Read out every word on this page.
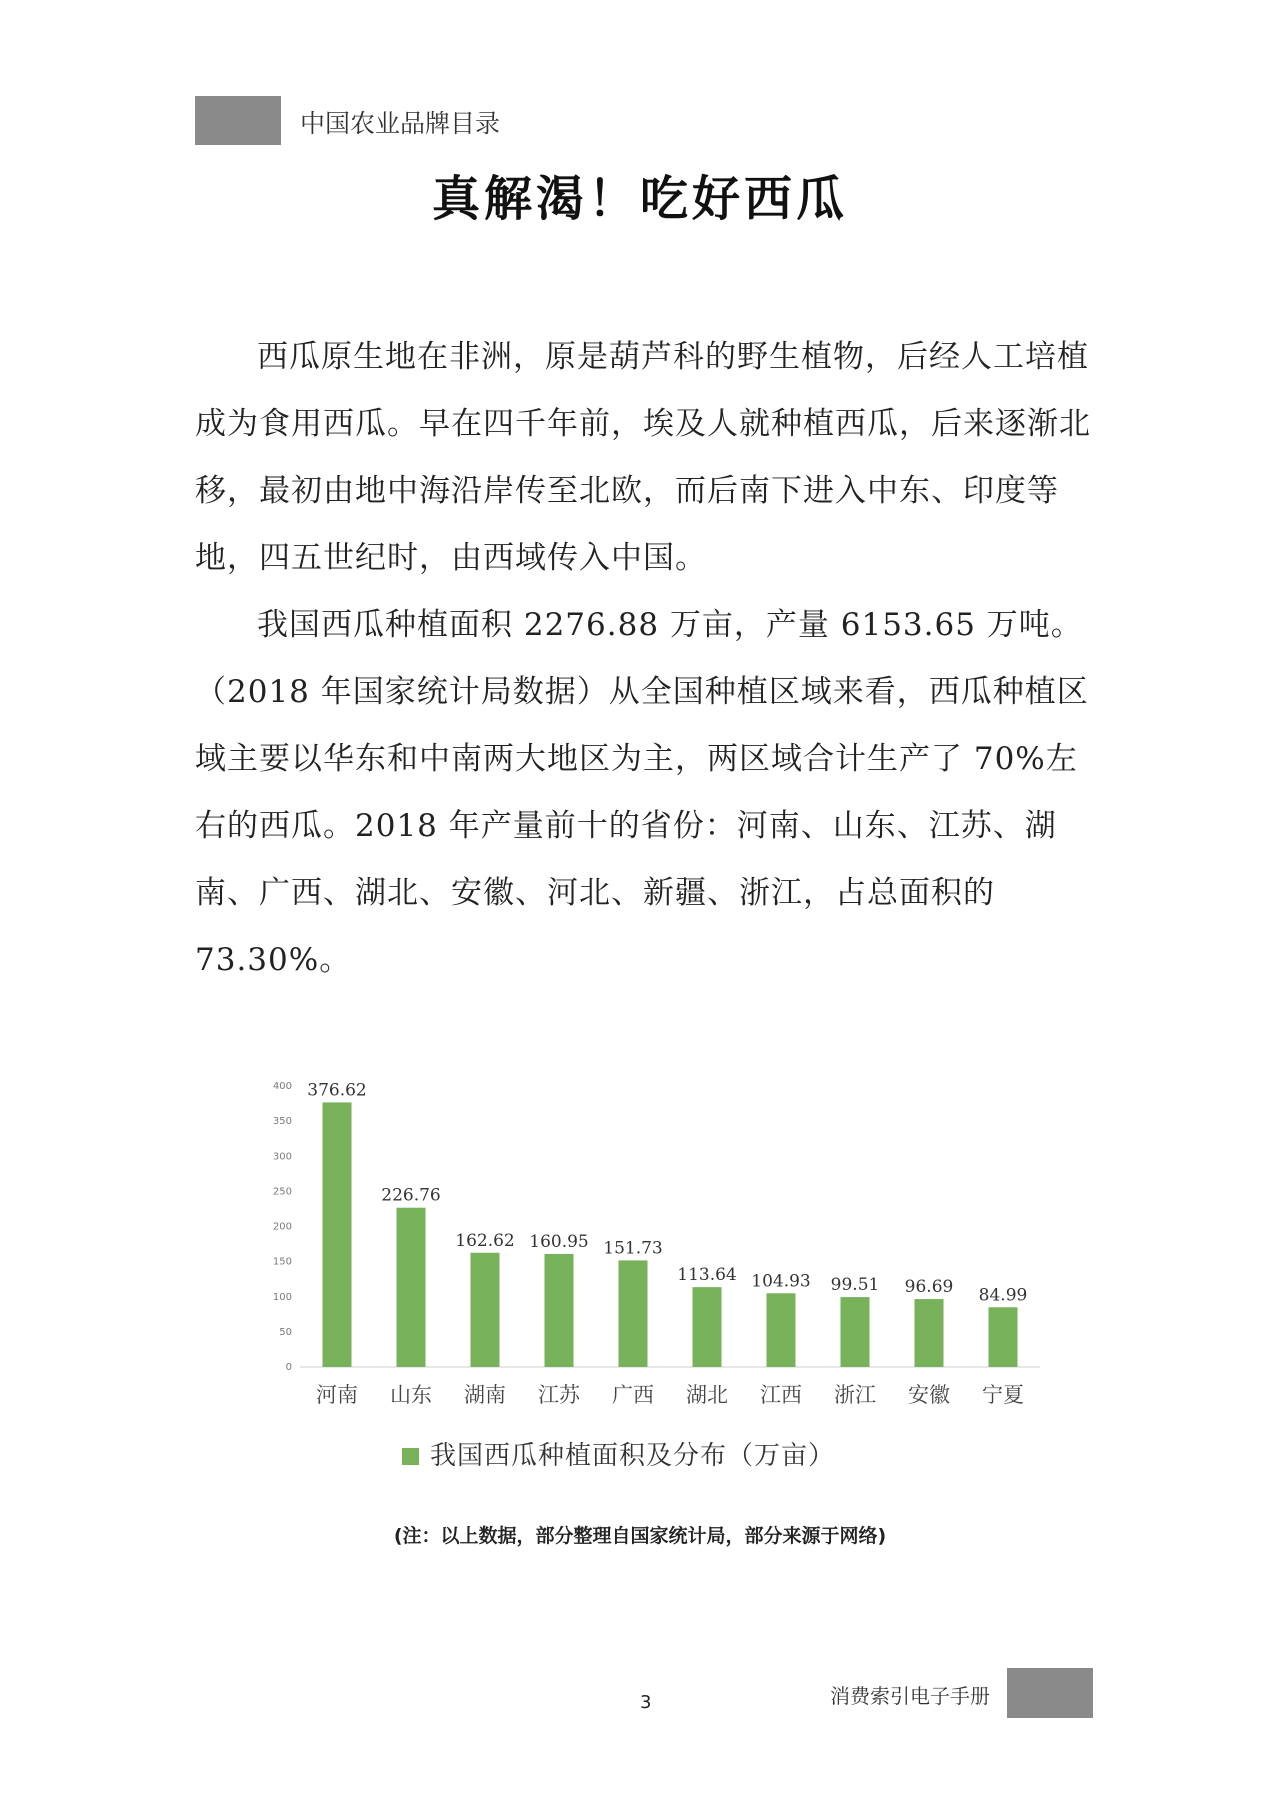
中国农业品牌目录
真解渴！吃好西瓜

西瓜原生地在非洲，原是葫芦科的野生植物，后经人工培植成为食用西瓜。早在四千年前，埃及人就种植西瓜，后来逐渐北移，最初由地中海沿岸传至北欧，而后南下进入中东、印度等地，四五世纪时，由西域传入中国。

我国西瓜种植面积 2276.88 万亩，产量 6153.65 万吨。（2018 年国家统计局数据）从全国种植区域来看，西瓜种植区域主要以华东和中南两大地区为主，两区域合计生产了 70%左右的西瓜。2018 年产量前十的省份：河南、山东、江苏、湖南、广西、湖北、安徽、河北、新疆、浙江，占总面积的 73.30%。

0
50
100
150
200
250
300
350
400 376.62
河南
226.76
山东
162.62
湖南
160.95
江苏
151.73
广西
113.64
湖北
104.93
江西
99.51
浙江
96.69
安徽
84.99
宁夏
我国西瓜种植面积及分布（万亩）
(注：以上数据，部分整理自国家统计局，部分来源于网络)
3	消费索引电子手册
